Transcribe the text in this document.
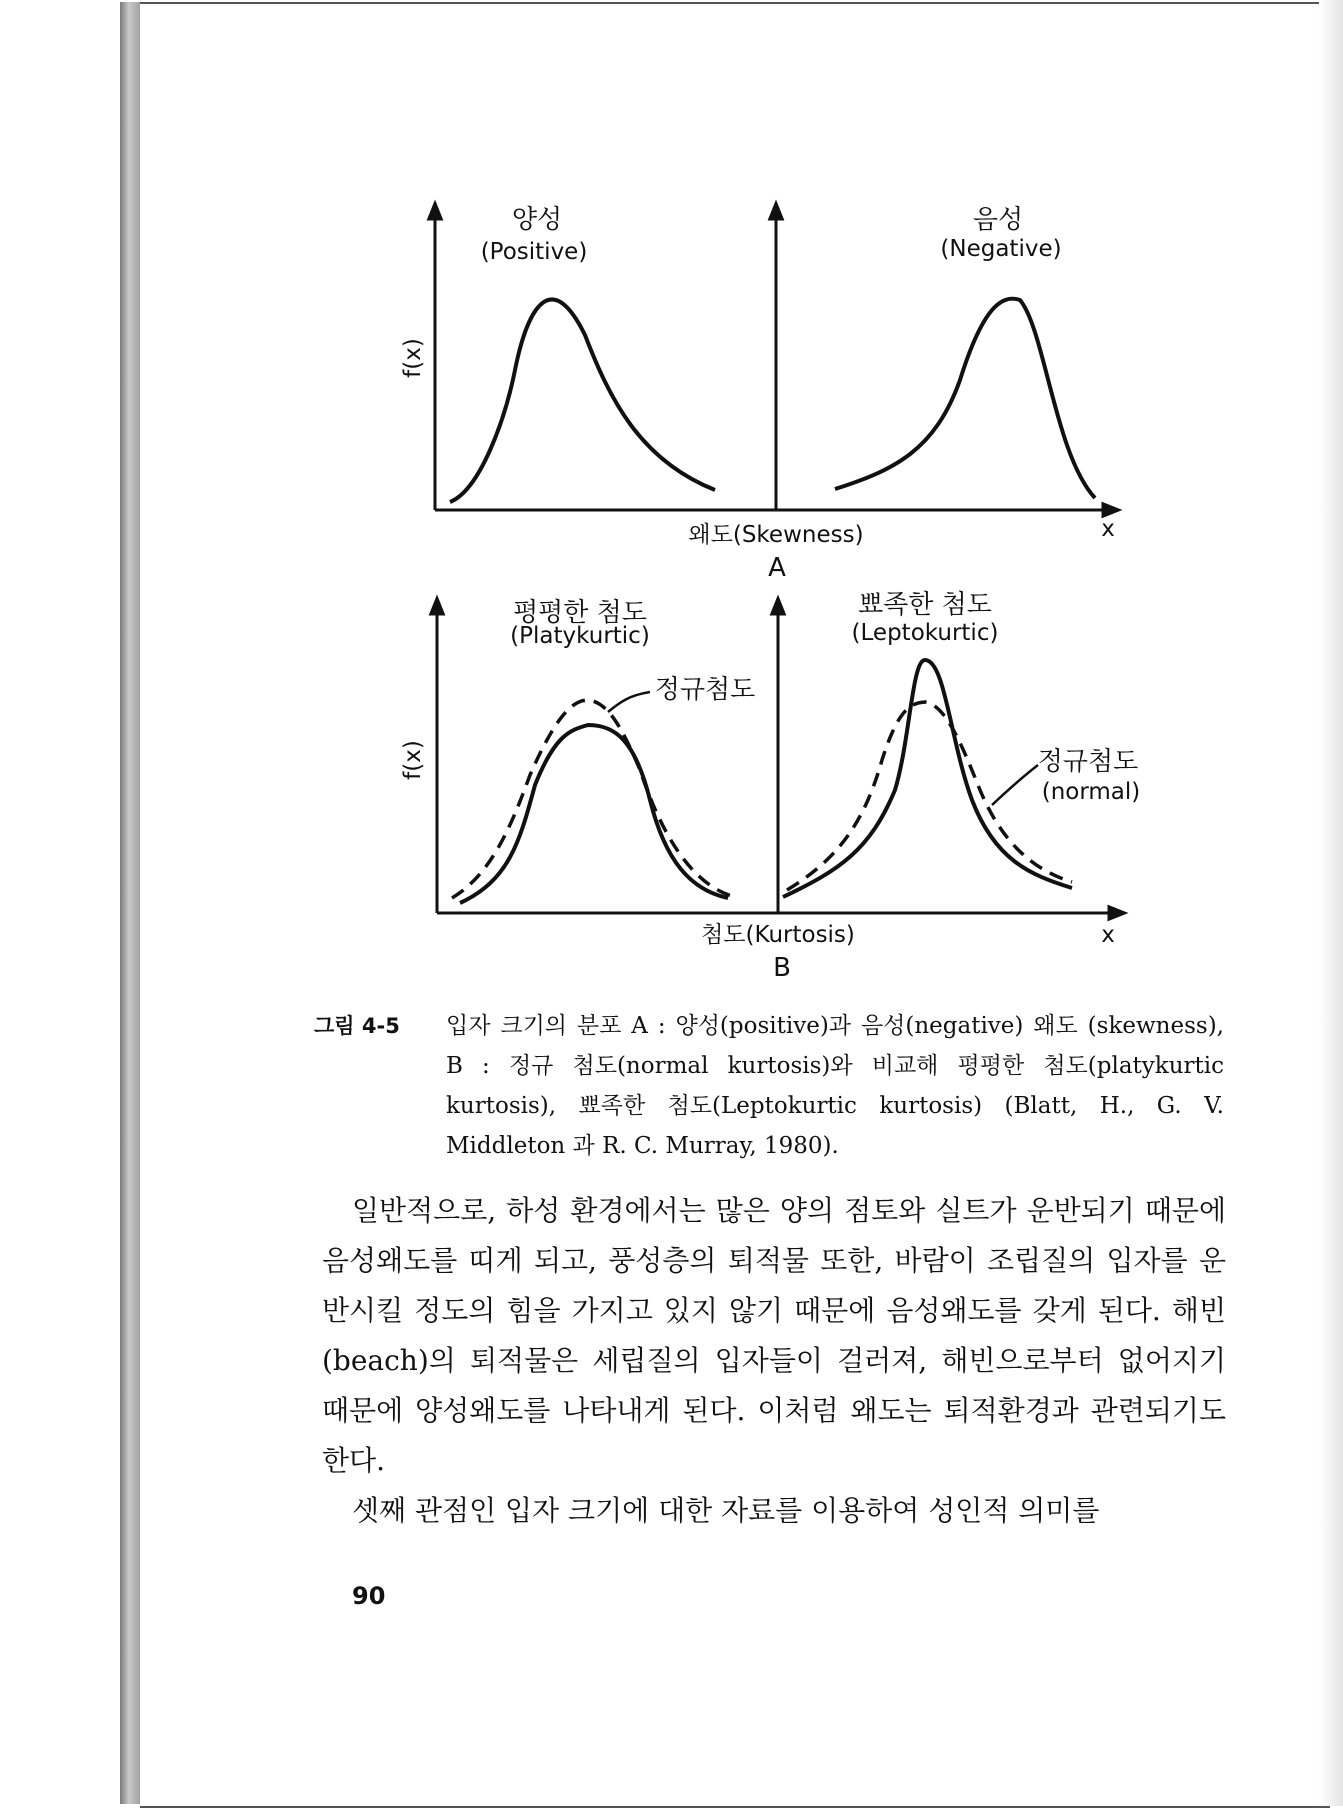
양성
(Positive)
음성
(Negative)
f(x)
왜도(Skewness)	x
A
평평한 첨도
(Platykurtic)
뾰족한 첨도
(Leptokurtic)
정규첨도
정규첨도
(normal)
f(x)
첨도(Kurtosis)	x
B
그림 4-5 입자 크기의 분포 A : 양성(positive)과 음성(negative) 왜도 (skewness), B : 정규 첨도(normal kurtosis)와 비교해 평평한 첨도(platykurtic kurtosis), 뾰족한 첨도(Leptokurtic kurtosis) (Blatt, H., G. V. Middleton 과 R. C. Murray, 1980).

일반적으로, 하성 환경에서는 많은 양의 점토와 실트가 운반되기 때문에 음성왜도를 띠게 되고, 풍성층의 퇴적물 또한, 바람이 조립질의 입자를 운반시킬 정도의 힘을 가지고 있지 않기 때문에 음성왜도를 갖게 된다. 해빈(beach)의 퇴적물은 세립질의 입자들이 걸러져, 해빈으로부터 없어지기 때문에 양성왜도를 나타내게 된다. 이처럼 왜도는 퇴적환경과 관련되기도 한다.

셋째 관점인 입자 크기에 대한 자료를 이용하여 성인적 의미를

90
